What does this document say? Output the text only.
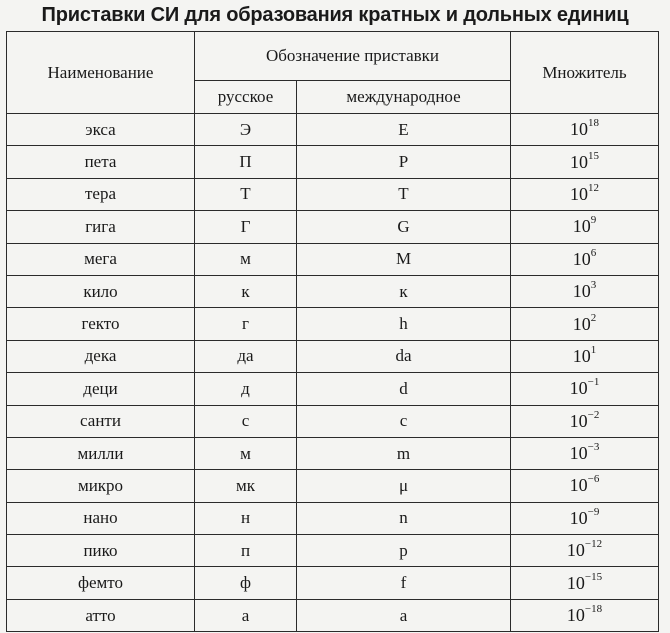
Приставки СИ для образования кратных и дольных единиц
Наименование	Обозначение приставки		Множитель
	русское	международное	
экса	Э	E	$10^{18}$
пета	П	P	$10^{15}$
тера	Т	T	$10^{12}$
гига	Г	G	$10^9$
мега	м	M	$10^6$
кило	к	к	$10^3$
гекто	г	h	$10^2$
дека	да	da	$10^1$
деци	д	d	$10^{-1}$
санти	с	c	$10^{-2}$
милли	м	m	$10^{-3}$
микро	мк	μ	$10^{-6}$
нано	н	n	$10^{-9}$
пико	п	p	$10^{-12}$
фемто	ф	f	$10^{-15}$
атто	а	a	$10^{-18}$
